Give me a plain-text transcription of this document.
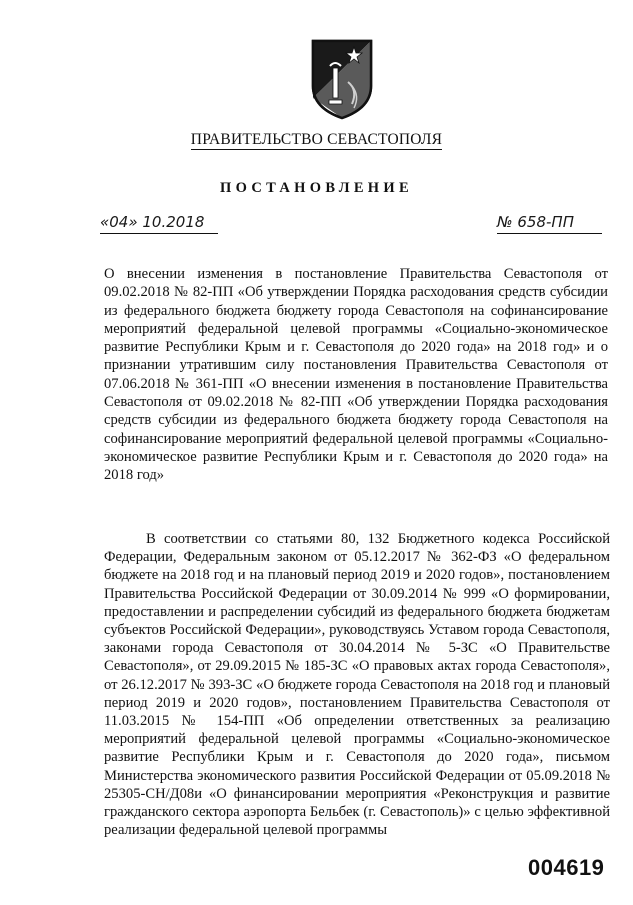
ПРАВИТЕЛЬСТВО СЕВАСТОПОЛЯ
ПОСТАНОВЛЕНИЕ
«04» 10.2018	№ 658-ПП
О внесении изменения в постановление Правительства Севастополя от 09.02.2018 № 82-ПП «Об утверждении Порядка расходования средств субсидии из федерального бюджета бюджету города Севастополя на софинансирование мероприятий федеральной целевой программы «Социально-экономическое развитие Республики Крым и г. Севастополя до 2020 года» на 2018 год» и о признании утратившим силу постановления Правительства Севастополя от 07.06.2018 № 361-ПП «О внесении изменения в постановление Правительства Севастополя от 09.02.2018 № 82-ПП «Об утверждении Порядка расходования средств субсидии из федерального бюджета бюджету города Севастополя на софинансирование мероприятий федеральной целевой программы «Социально-экономическое развитие Республики Крым и г. Севастополя до 2020 года» на 2018 год»
В соответствии со статьями 80, 132 Бюджетного кодекса Российской Федерации, Федеральным законом от 05.12.2017 № 362-ФЗ «О федеральном бюджете на 2018 год и на плановый период 2019 и 2020 годов», постановлением Правительства Российской Федерации от 30.09.2014 № 999 «О формировании, предоставлении и распределении субсидий из федерального бюджета бюджетам субъектов Российской Федерации», руководствуясь Уставом города Севастополя, законами города Севастополя от 30.04.2014 № 5-ЗС «О Правительстве Севастополя», от 29.09.2015 № 185-ЗС «О правовых актах города Севастополя», от 26.12.2017 № 393-ЗС «О бюджете города Севастополя на 2018 год и плановый период 2019 и 2020 годов», постановлением Правительства Севастополя от 11.03.2015 № 154-ПП «Об определении ответственных за реализацию мероприятий федеральной целевой программы «Социально-экономическое развитие Республики Крым и г. Севастополя до 2020 года», письмом Министерства экономического развития Российской Федерации от 05.09.2018 № 25305-СН/Д08и «О финансировании мероприятия «Реконструкция и развитие гражданского сектора аэропорта Бельбек (г. Севастополь)» с целью эффективной реализации федеральной целевой программы
004619
